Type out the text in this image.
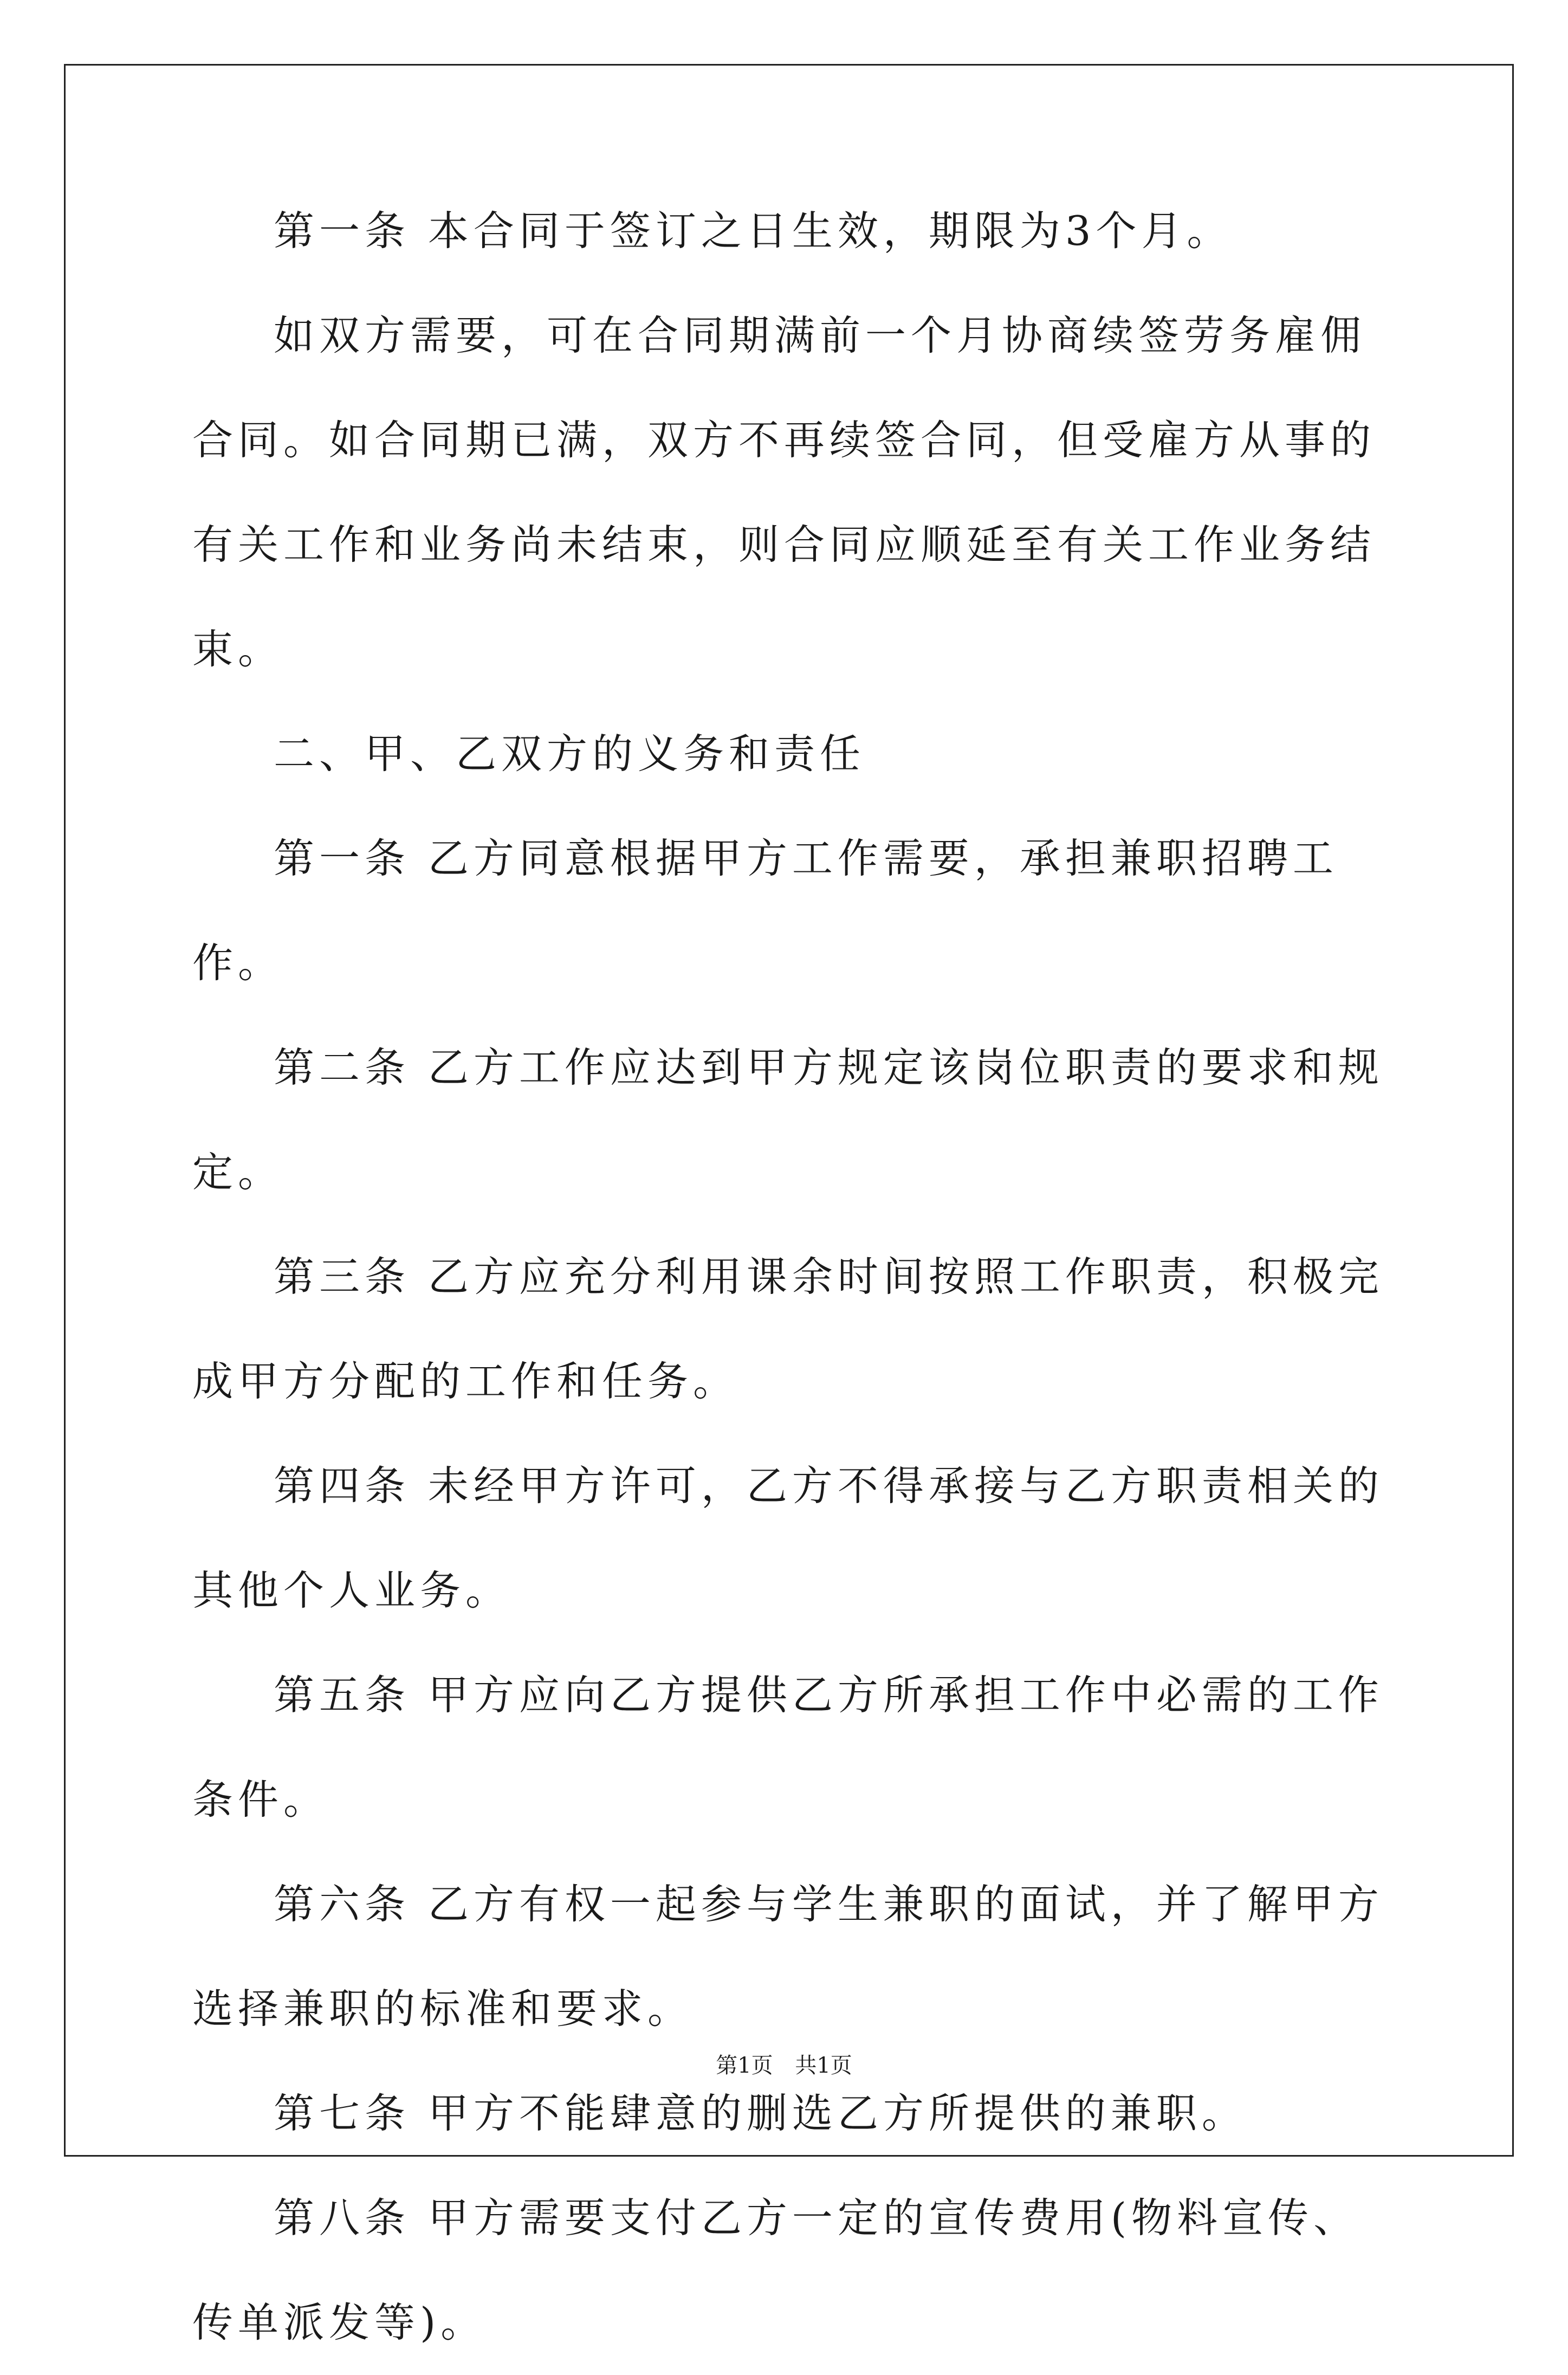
第一条 本合同于签订之日生效，期限为3个月。

如双方需要，可在合同期满前一个月协商续签劳务雇佣合同。如合同期已满，双方不再续签合同，但受雇方从事的有关工作和业务尚未结束，则合同应顺延至有关工作业务结束。

二、甲、乙双方的义务和责任

第一条 乙方同意根据甲方工作需要，承担兼职招聘工作。

第二条 乙方工作应达到甲方规定该岗位职责的要求和规定。

第三条 乙方应充分利用课余时间按照工作职责，积极完成甲方分配的工作和任务。

第四条 未经甲方许可，乙方不得承接与乙方职责相关的其他个人业务。

第五条 甲方应向乙方提供乙方所承担工作中必需的工作条件。

第六条 乙方有权一起参与学生兼职的面试，并了解甲方选择兼职的标准和要求。

第七条 甲方不能肆意的删选乙方所提供的兼职。

第八条 甲方需要支付乙方一定的宣传费用(物料宣传、传单派发等)。

第1页 共1页
